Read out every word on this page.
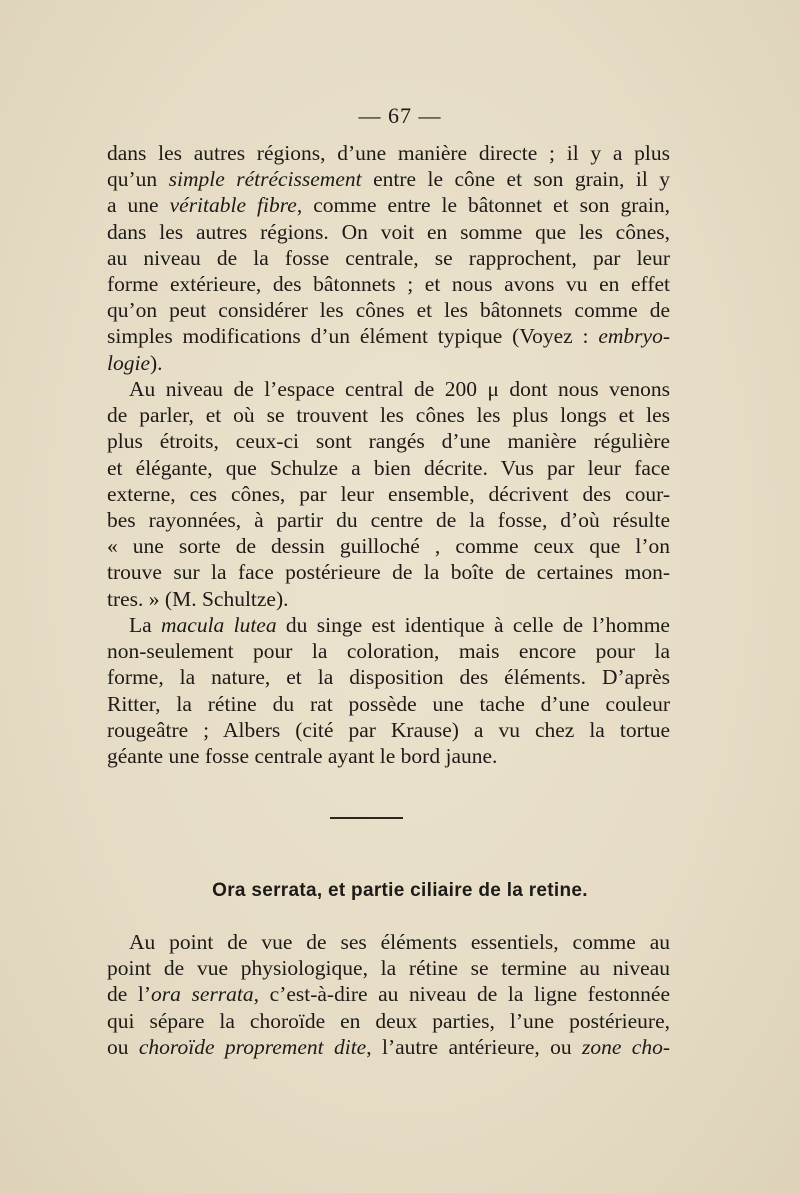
— 67 —
dans les autres régions, d’une manière directe ; il y a plus
qu’un simple rétrécissement entre le cône et son grain, il y
a une véritable fibre, comme entre le bâtonnet et son grain,
dans les autres régions. On voit en somme que les cônes,
au niveau de la fosse centrale, se rapprochent, par leur
forme extérieure, des bâtonnets ; et nous avons vu en effet
qu’on peut considérer les cônes et les bâtonnets comme de
simples modifications d’un élément typique (Voyez : embryo-
logie).
Au niveau de l’espace central de 200 μ dont nous venons
de parler, et où se trouvent les cônes les plus longs et les
plus étroits, ceux-ci sont rangés d’une manière régulière
et élégante, que Schulze a bien décrite. Vus par leur face
externe, ces cônes, par leur ensemble, décrivent des cour-
bes rayonnées, à partir du centre de la fosse, d’où résulte
« une sorte de dessin guilloché , comme ceux que l’on
trouve sur la face postérieure de la boîte de certaines mon-
tres. » (M. Schultze).
La macula lutea du singe est identique à celle de l’homme
non-seulement pour la coloration, mais encore pour la
forme, la nature, et la disposition des éléments. D’après
Ritter, la rétine du rat possède une tache d’une couleur
rougeâtre ; Albers (cité par Krause) a vu chez la tortue
géante une fosse centrale ayant le bord jaune.
Ora serrata, et partie ciliaire de la retine.
Au point de vue de ses éléments essentiels, comme au
point de vue physiologique, la rétine se termine au niveau
de l’ora serrata, c’est-à-dire au niveau de la ligne festonnée
qui sépare la choroïde en deux parties, l’une postérieure,
ou choroïde proprement dite, l’autre antérieure, ou zone cho-
